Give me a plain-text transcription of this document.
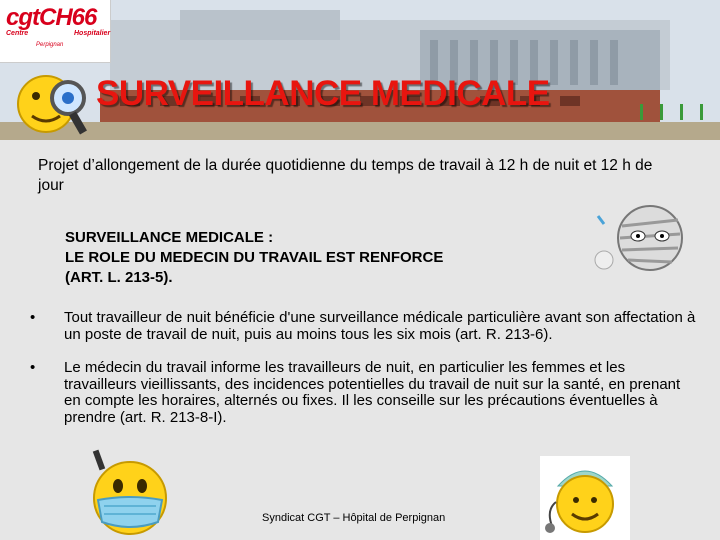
cgtCH66
Centre	Hospitalier
Perpignan
SURVEILLANCE MEDICALE

Projet d’allongement de la durée quotidienne du temps de travail à 12 h de nuit et 12 h de jour

SURVEILLANCE MEDICALE :
LE ROLE DU MEDECIN DU TRAVAIL EST RENFORCE
(ART. L. 213-5).
• Tout travailleur de nuit bénéficie d'une surveillance médicale particulière avant son affectation à un poste de travail de nuit, puis au moins tous les six mois (art. R. 213-6).
• Le médecin du travail informe les travailleurs de nuit, en particulier les femmes et les travailleurs vieillissants, des incidences potentielles du travail de nuit sur la santé, en prenant en compte les horaires, alternés ou fixes. Il les conseille sur les précautions éventuelles à prendre (art. R. 213-8-I).
Syndicat CGT – Hôpital de Perpignan
